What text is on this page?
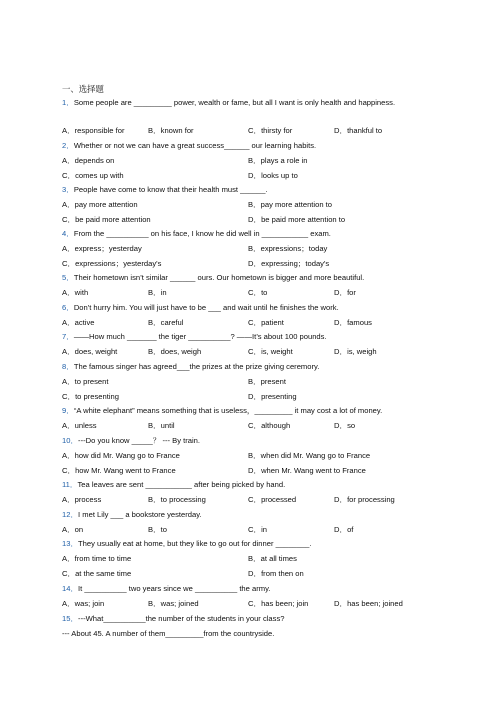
一、选择题
1．Some people are _________ power, wealth or fame, but all I want is only health and happiness.
A．responsible for	B．known for	C．thirsty for	D．thankful to
2．Whether or not we can have a great success______ our learning habits.
A．depends on	B．plays a role in
C．comes up with	D．looks up to
3．People have come to know that their health must ______.
A．pay more attention	B．pay more attention to
C．be paid more attention	D．be paid more attention to
4．From the __________ on his face, I know he did well in ___________ exam.
A．express；yesterday	B．expressions；today
C．expressions；yesterday's	D．expressing；today's
5．Their hometown isn’t similar ______ ours. Our hometown is bigger and more beautiful.
A．with	B．in	C．to	D．for
6．Don't hurry him. You will just have to be ___ and wait until he finishes the work.
A．active	B．careful	C．patient	D．famous
7．——How much _______ the tiger __________? ——It’s about 100 pounds.
A．does, weight	B．does, weigh	C．is, weight	D．is, weigh
8．The famous singer has agreed___the prizes at the prize giving ceremory.
A．to present	B．present
C．to presenting	D．presenting
9．“A white elephant” means something that is useless，_________ it may cost a lot of money.
A．unless	B．until	C．although	D．so
10．---Do you know _____？ --- By train.
A．how did Mr. Wang go to France	B．when did Mr. Wang go to France
C．how Mr. Wang went to France	D．when Mr. Wang went to France
11．Tea leaves are sent ___________ after being picked by hand.
A．process	B．to processing	C．processed	D．for processing
12．I met Lily ___ a bookstore yesterday.
A．on	B．to	C．in	D．of
13．They usually eat at home, but they like to go out for dinner ________.
A．from time to time	B．at all times
C．at the same time	D．from then on
14．It __________ two years since we __________ the army.
A．was; join	B．was; joined	C．has been; join	D．has been; joined
15．---What__________the number of the students in your class?
--- About 45. A number of them_________from the countryside.
